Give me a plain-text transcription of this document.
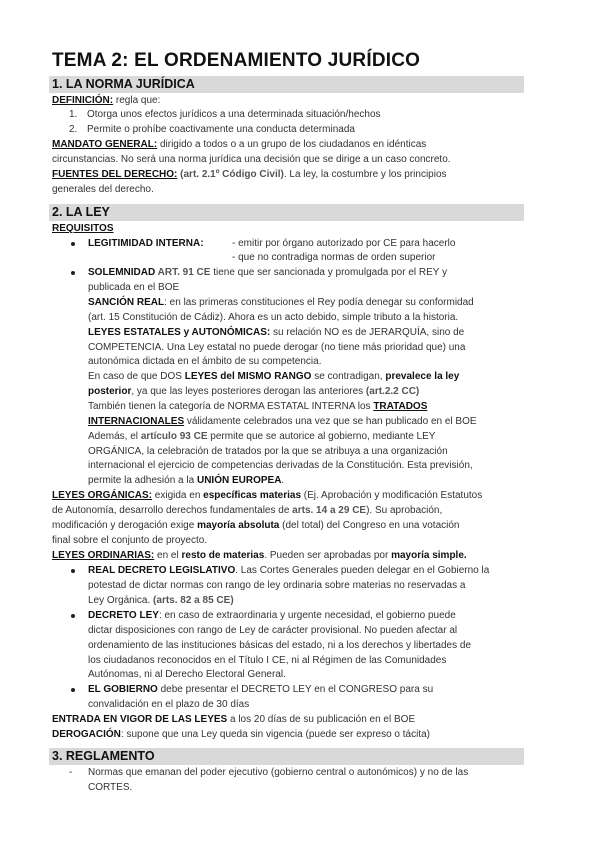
TEMA 2: EL ORDENAMIENTO JURÍDICO
1. LA NORMA JURÍDICA
DEFINICIÓN: regla que:
1. Otorga unos efectos jurídicos a una determinada situación/hechos
2. Permite o prohíbe coactivamente una conducta determinada
MANDATO GENERAL: dirigido a todos o a un grupo de los ciudadanos en idénticas
circunstancias. No será una norma jurídica una decisión que se dirige a un caso concreto.
FUENTES DEL DERECHO: (art. 2.1º Código Civil). La ley, la costumbre y los principios
generales del derecho.
2. LA LEY
REQUISITOS
LEGITIMIDAD INTERNA:	- emitir por órgano autorizado por CE para hacerlo
- que no contradiga normas de orden superior
SOLEMNIDAD ART. 91 CE tiene que ser sancionada y promulgada por el REY y
publicada en el BOE
SANCIÓN REAL: en las primeras constituciones el Rey podía denegar su conformidad
(art. 15 Constitución de Cádiz). Ahora es un acto debido, simple tributo a la historia.
LEYES ESTATALES y AUTONÓMICAS: su relación NO es de JERARQUÍA, sino de
COMPETENCIA. Una Ley estatal no puede derogar (no tiene más prioridad que) una
autonómica dictada en el ámbito de su competencia.
En caso de que DOS LEYES del MISMO RANGO se contradigan, prevalece la ley
posterior, ya que las leyes posteriores derogan las anteriores (art.2.2 CC)
También tienen la categoría de NORMA ESTATAL INTERNA los TRATADOS
INTERNACIONALES válidamente celebrados una vez que se han publicado en el BOE
Además, el artículo 93 CE permite que se autorice al gobierno, mediante LEY
ORGÁNICA, la celebración de tratados por la que se atribuya a una organización
internacional el ejercicio de competencias derivadas de la Constitución. Esta previsión,
permite la adhesión a la UNIÓN EUROPEA.
LEYES ORGÁNICAS: exigida en específicas materias (Ej. Aprobación y modificación Estatutos
de Autonomía, desarrollo derechos fundamentales de arts. 14 a 29 CE). Su aprobación,
modificación y derogación exige mayoría absoluta (del total) del Congreso en una votación
final sobre el conjunto de proyecto.
LEYES ORDINARIAS: en el resto de materias. Pueden ser aprobadas por mayoría simple.
REAL DECRETO LEGISLATIVO. Las Cortes Generales pueden delegar en el Gobierno la
potestad de dictar normas con rango de ley ordinaria sobre materias no reservadas a
Ley Orgánica. (arts. 82 a 85 CE)
DECRETO LEY: en caso de extraordinaria y urgente necesidad, el gobierno puede
dictar disposiciones con rango de Ley de carácter provisional. No pueden afectar al
ordenamiento de las instituciones básicas del estado, ni a los derechos y libertades de
los ciudadanos reconocidos en el Título I CE, ni al Régimen de las Comunidades
Autónomas, ni al Derecho Electoral General.
EL GOBIERNO debe presentar el DECRETO LEY en el CONGRESO para su
convalidación en el plazo de 30 días
ENTRADA EN VIGOR DE LAS LEYES a los 20 días de su publicación en el BOE
DEROGACIÓN: supone que una Ley queda sin vigencia (puede ser expreso o tácita)
3. REGLAMENTO
- Normas que emanan del poder ejecutivo (gobierno central o autonómicos) y no de las
CORTES.
